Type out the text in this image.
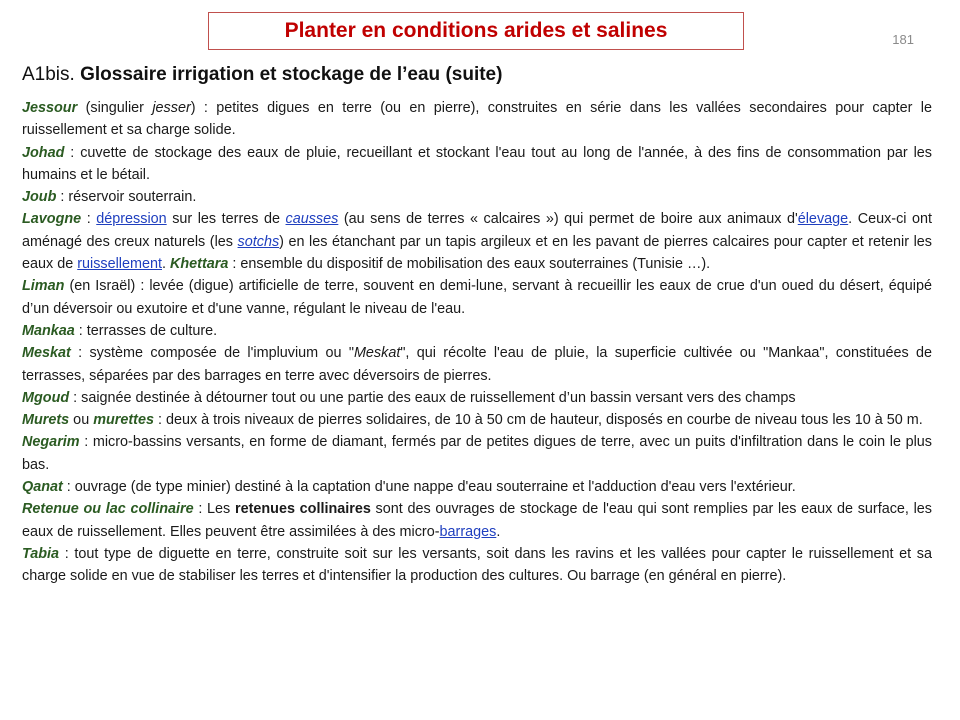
Planter en conditions arides et salines	181
A1bis. Glossaire irrigation et stockage de l’eau (suite)

Jessour (singulier jesser) : petites digues en terre (ou en pierre), construites en série dans les vallées secondaires pour capter le ruissellement et sa charge solide.

Johad : cuvette de stockage des eaux de pluie, recueillant et stockant l'eau tout au long de l'année, à des fins de consommation par les humains et le bétail.

Joub : réservoir souterrain.

Lavogne : dépression sur les terres de causses (au sens de terres « calcaires ») qui permet de boire aux animaux d'élevage. Ceux-ci ont aménagé des creux naturels (les sotchs) en les étanchant par un tapis argileux et en les pavant de pierres calcaires pour capter et retenir les eaux de ruissellement. Khettara : ensemble du dispositif de mobilisation des eaux souterraines (Tunisie …).

Liman (en Israël) : levée (digue) artificielle de terre, souvent en demi-lune, servant à recueillir les eaux de crue d'un oued du désert, équipé d’un déversoir ou exutoire et d'une vanne, régulant le niveau de l'eau.

Mankaa : terrasses de culture.

Meskat : système composée de l'impluvium ou "Meskat", qui récolte l'eau de pluie, la superficie cultivée ou "Mankaa", constituées de terrasses, séparées par des barrages en terre avec déversoirs de pierres.

Mgoud : saignée destinée à détourner tout ou une partie des eaux de ruissellement d’un bassin versant vers des champs

Murets ou murettes : deux à trois niveaux de pierres solidaires, de 10 à 50 cm de hauteur, disposés en courbe de niveau tous les 10 à 50 m.

Negarim : micro-bassins versants, en forme de diamant, fermés par de petites digues de terre, avec un puits d'infiltration dans le coin le plus bas.

Qanat : ouvrage (de type minier) destiné à la captation d'une nappe d'eau souterraine et l'adduction d'eau vers l'extérieur.

Retenue ou lac collinaire : Les retenues collinaires sont des ouvrages de stockage de l'eau qui sont remplies par les eaux de surface, les eaux de ruissellement. Elles peuvent être assimilées à des micro-barrages.

Tabia : tout type de diguette en terre, construite soit sur les versants, soit dans les ravins et les vallées pour capter le ruissellement et sa charge solide en vue de stabiliser les terres et d'intensifier la production des cultures. Ou barrage (en général en pierre).
